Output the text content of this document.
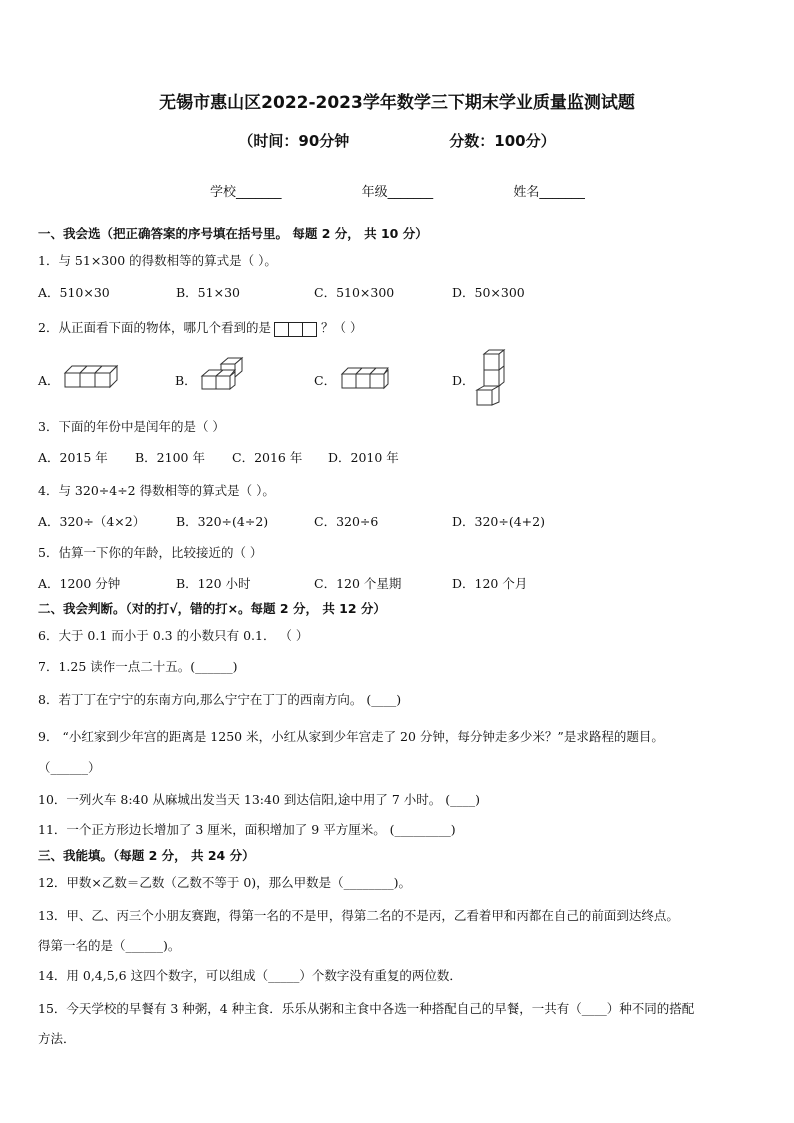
无锡市惠山区2022-2023学年数学三下期末学业质量监测试题
（时间：90分钟	分数：100分）
学校_______	年级_______	姓名_______
一、我会选（把正确答案的序号填在括号里。 每题 2 分， 共 10 分）
1．与 51×300 的得数相等的算式是（ ）。
A．510×30	B．51×30	C．510×300	D．50×300
2．从正面看下面的物体，哪几个看到的是	？（ ）
A．	B．	C．	D．
3．下面的年份中是闰年的是（ ）
A．2015 年 B．2100 年 C．2016 年 D．2010 年
4．与 320÷4÷2 得数相等的算式是（ ）。
A．320÷（4×2） B．320÷(4÷2)	C．320÷6	D．320÷(4+2)
5．估算一下你的年龄，比较接近的（ ）
A．1200 分钟	B．120 小时	C．120 个星期	D．120 个月
二、我会判断。（对的打√，错的打×。每题 2 分， 共 12 分）
6．大于 0.1 而小于 0.3 的小数只有 0.1． （ ）
7．1.25 读作一点二十五。(______)
8．若丁丁在宁宁的东南方向,那么宁宁在丁丁的西南方向。 (____)
9． “小红家到少年宫的距离是 1250 米，小红从家到少年宫走了 20 分钟，每分钟走多少米？”是求路程的题目。
（______）
10．一列火车 8:40 从麻城出发当天 13:40 到达信阳,途中用了 7 小时。 (____)
11．一个正方形边长增加了 3 厘米，面积增加了 9 平方厘米。 (_________)
三、我能填。（每题 2 分， 共 24 分）
12．甲数×乙数＝乙数（乙数不等于 0)，那么甲数是（________)。
13．甲、乙、丙三个小朋友赛跑，得第一名的不是甲，得第二名的不是丙，乙看着甲和丙都在自己的前面到达终点。
得第一名的是（______)。
14．用 0,4,5,6 这四个数字，可以组成（_____）个数字没有重复的两位数．
15．今天学校的早餐有 3 种粥，4 种主食．乐乐从粥和主食中各选一种搭配自己的早餐，一共有（____）种不同的搭配
方法．
